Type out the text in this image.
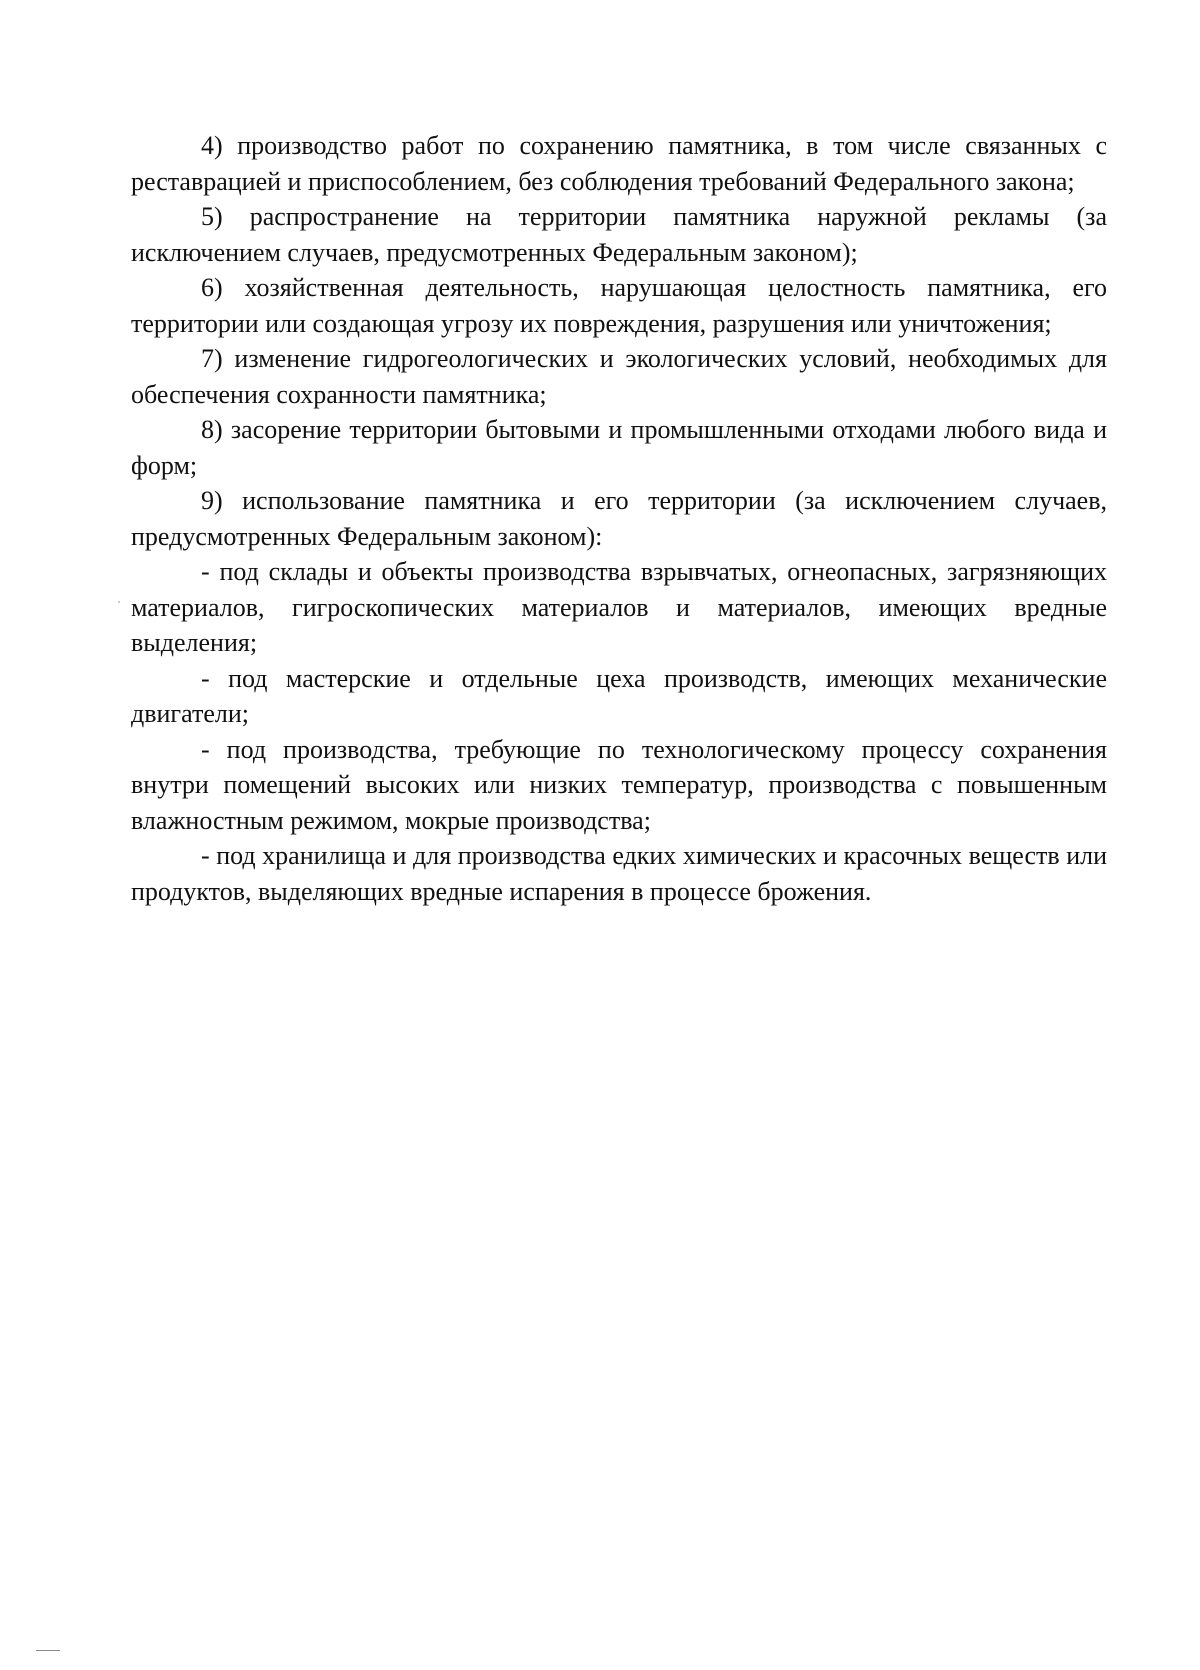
4) производство работ по сохранению памятника, в том числе связанных с реставрацией и приспособлением, без соблюдения требований Федерального закона;

5) распространение на территории памятника наружной рекламы (за исключением случаев, предусмотренных Федеральным законом);

6) хозяйственная деятельность, нарушающая целостность памятника, его территории или создающая угрозу их повреждения, разрушения или уничтожения;

7) изменение гидрогеологических и экологических условий, необходимых для обеспечения сохранности памятника;

8) засорение территории бытовыми и промышленными отходами любого вида и форм;

9) использование памятника и его территории (за исключением случаев, предусмотренных Федеральным законом):

- под склады и объекты производства взрывчатых, огнеопасных, загрязняющих материалов, гигроскопических материалов и материалов, имеющих вредные выделения;

- под мастерские и отдельные цеха производств, имеющих механические двигатели;

- под производства, требующие по технологическому процессу сохранения внутри помещений высоких или низких температур, производства с повышенным влажностным режимом, мокрые производства;

- под хранилища и для производства едких химических и красочных веществ или продуктов, выделяющих вредные испарения в процессе брожения.
